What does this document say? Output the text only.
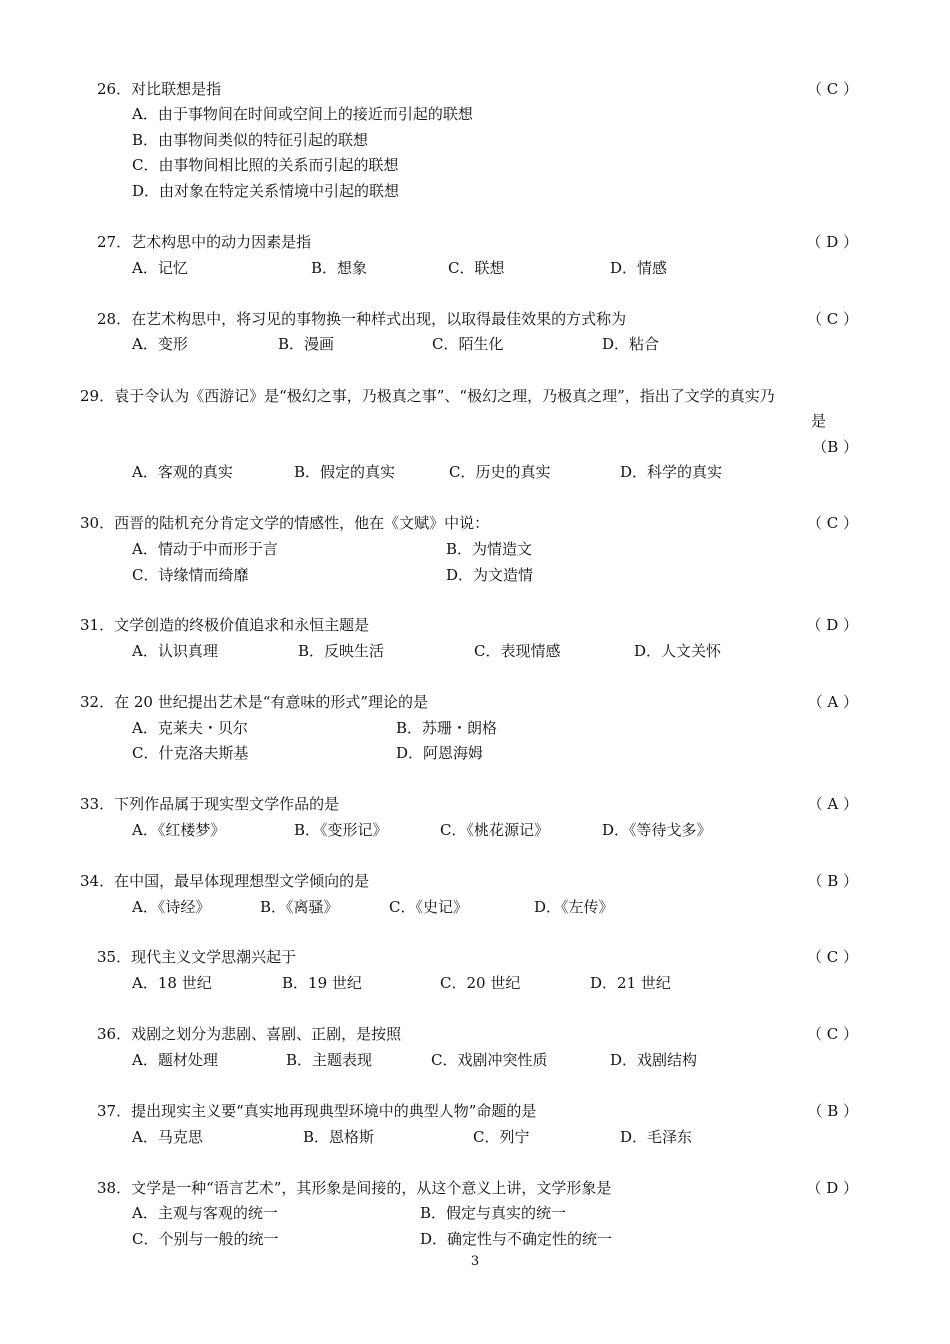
26．对比联想是指	（ C ）
A．由于事物间在时间或空间上的接近而引起的联想
B．由事物间类似的特征引起的联想
C．由事物间相比照的关系而引起的联想
D．由对象在特定关系情境中引起的联想
27．艺术构思中的动力因素是指	（ D ）
A．记忆	B．想象	C．联想	D．情感
28．在艺术构思中，将习见的事物换一种样式出现，以取得最佳效果的方式称为	（ C ）
A．变形	B．漫画	C．陌生化	D．粘合
29．袁于令认为《西游记》是“极幻之事，乃极真之事”、“极幻之理，乃极真之理”，指出了文学的真实乃
是
（B ）
A．客观的真实	B．假定的真实	C．历史的真实	D．科学的真实
30．西晋的陆机充分肯定文学的情感性，他在《文赋》中说：	（ C ）
A．情动于中而形于言	B．为情造文
C．诗缘情而绮靡	D．为文造情
31．文学创造的终极价值追求和永恒主题是	（ D ）
A．认识真理	B．反映生活	C．表现情感	D．人文关怀
32．在 20 世纪提出艺术是“有意味的形式”理论的是	（ A ）
A．克莱夫・贝尔	B．苏珊・朗格
C．什克洛夫斯基	D．阿恩海姆
33．下列作品属于现实型文学作品的是	（ A ）
A．《红楼梦》	B．《变形记》	C．《桃花源记》	D．《等待戈多》
34．在中国，最早体现理想型文学倾向的是	（ B ）
A．《诗经》	B．《离骚》	C．《史记》	D．《左传》
35．现代主义文学思潮兴起于	（ C ）
A．18 世纪	B．19 世纪	C．20 世纪	D．21 世纪
36．戏剧之划分为悲剧、喜剧、正剧，是按照	（ C ）
A．题材处理	B．主题表现	C．戏剧冲突性质	D．戏剧结构
37．提出现实主义要“真实地再现典型环境中的典型人物”命题的是	（ B ）
A．马克思	B．恩格斯	C．列宁	D．毛泽东
38．文学是一种“语言艺术”，其形象是间接的，从这个意义上讲，文学形象是	（ D ）
A．主观与客观的统一	B．假定与真实的统一
C．个别与一般的统一	D．确定性与不确定性的统一
3
